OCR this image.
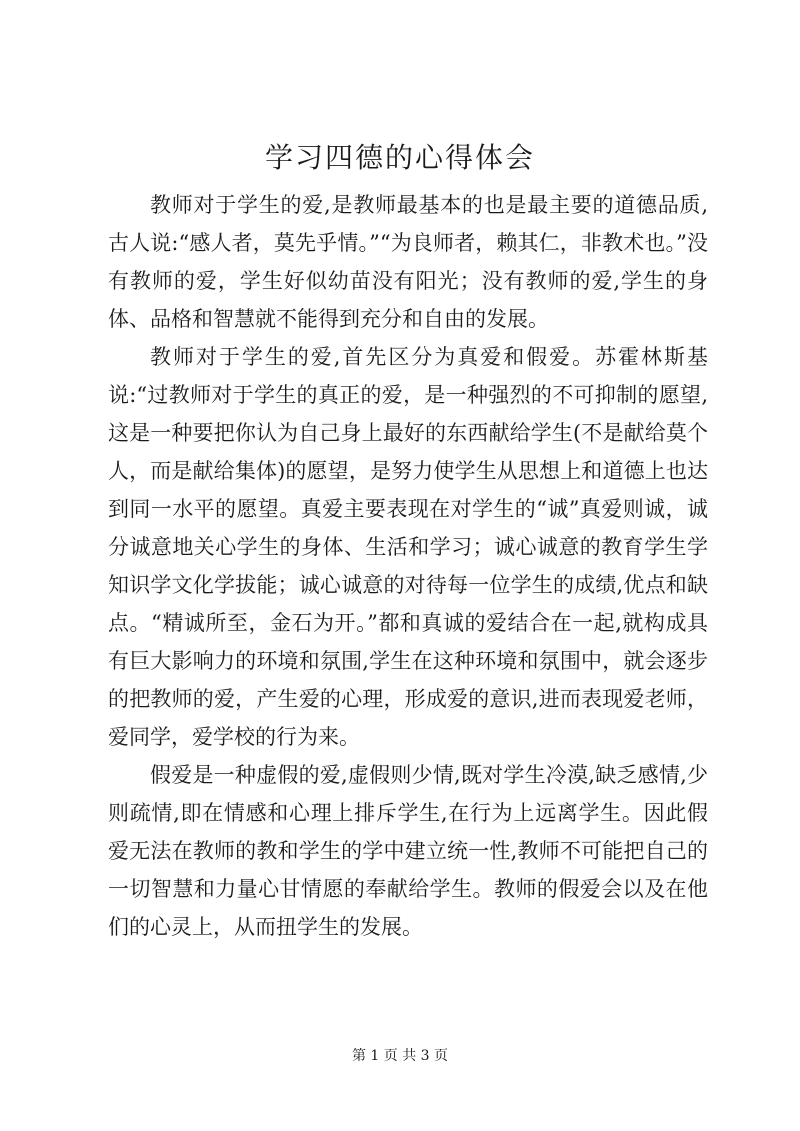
学习四德的心得体会

教师对于学生的爱,是教师最基本的也是最主要的道德品质,古人说:“感人者，莫先乎情。”“为良师者，赖其仁，非教术也。”没有教师的爱，学生好似幼苗没有阳光；没有教师的爱,学生的身体、品格和智慧就不能得到充分和自由的发展。

教师对于学生的爱,首先区分为真爱和假爱。苏霍林斯基说:“过教师对于学生的真正的爱，是一种强烈的不可抑制的愿望,这是一种要把你认为自己身上最好的东西献给学生(不是献给莫个人，而是献给集体)的愿望，是努力使学生从思想上和道德上也达到同一水平的愿望。真爱主要表现在对学生的“诚”真爱则诚，诚分诚意地关心学生的身体、生活和学习；诚心诚意的教育学生学知识学文化学拔能；诚心诚意的对待每一位学生的成绩,优点和缺点。“精诚所至，金石为开。”都和真诚的爱结合在一起,就构成具有巨大影响力的环境和氛围,学生在这种环境和氛围中，就会逐步的把教师的爱，产生爱的心理，形成爱的意识,进而表现爱老师，爱同学，爱学校的行为来。

假爱是一种虚假的爱,虚假则少情,既对学生冷漠,缺乏感情,少则疏情,即在情感和心理上排斥学生,在行为上远离学生。因此假爱无法在教师的教和学生的学中建立统一性,教师不可能把自己的一切智慧和力量心甘情愿的奉献给学生。教师的假爱会以及在他们的心灵上，从而扭学生的发展。

第 1 页 共 3 页
